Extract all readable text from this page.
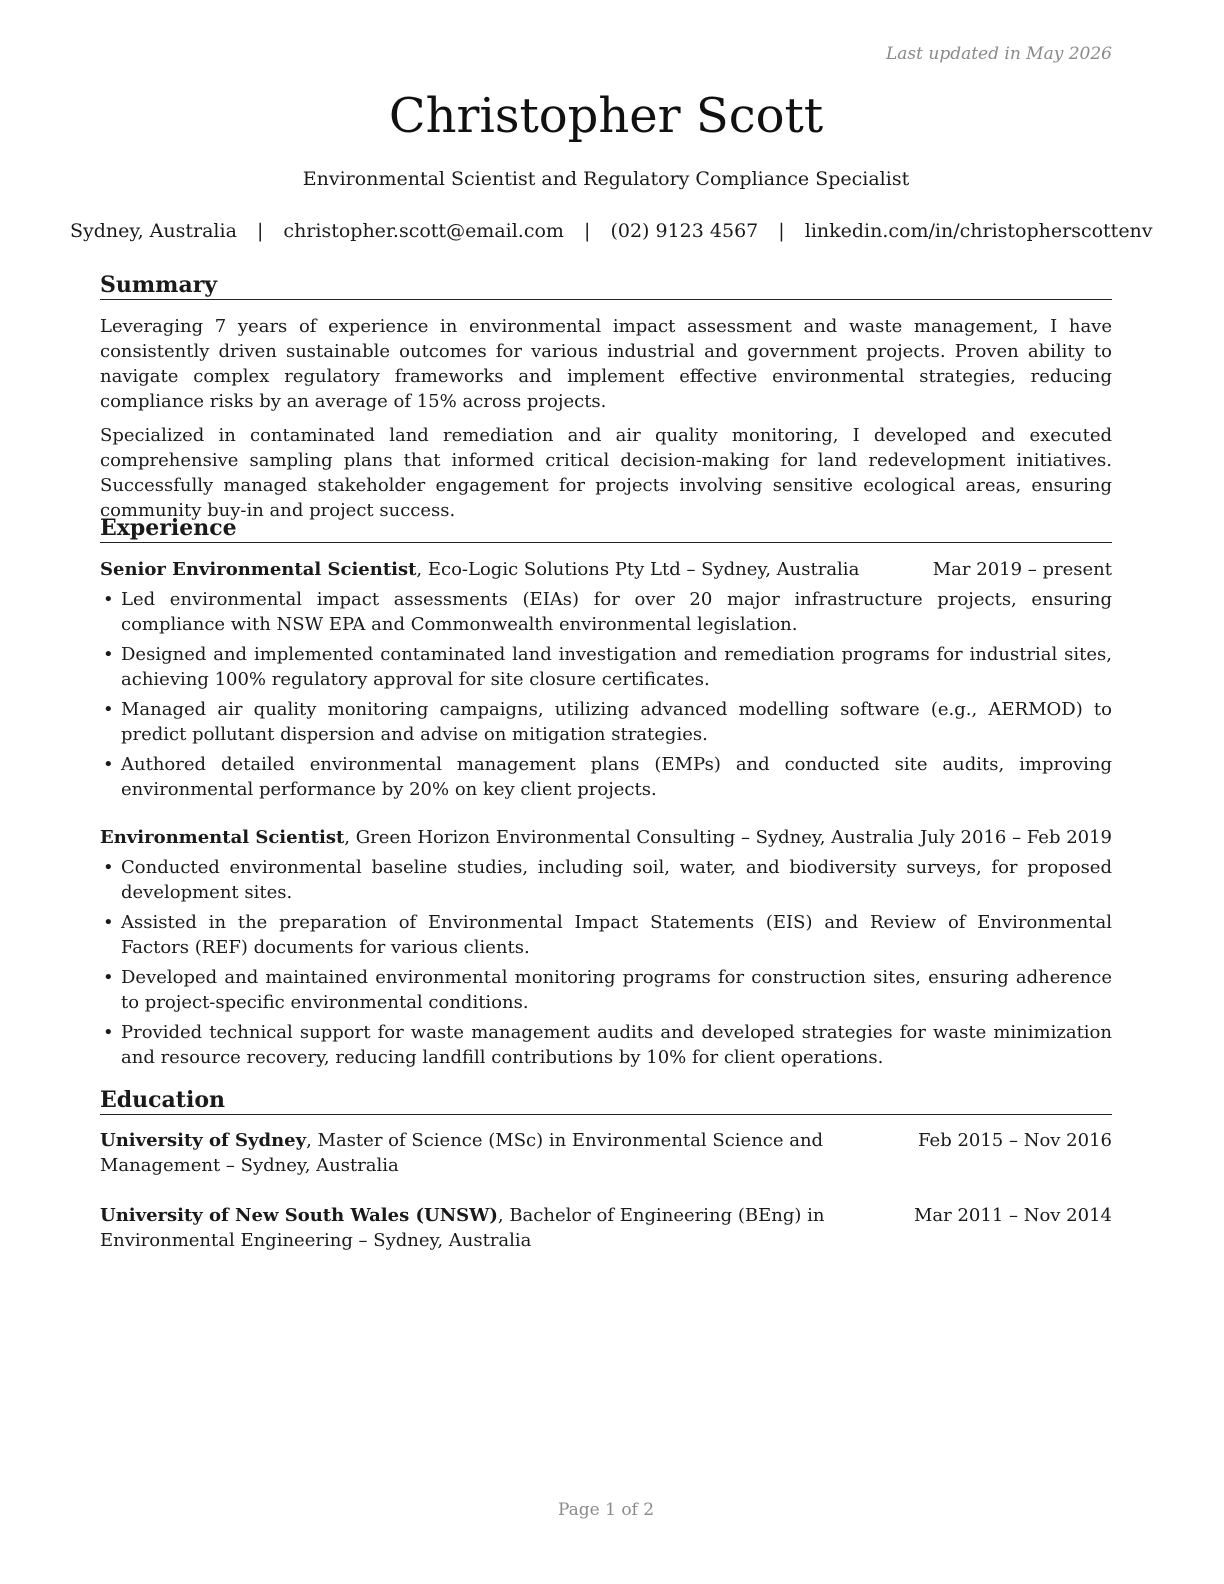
Last updated in May 2026
Christopher Scott
Environmental Scientist and Regulatory Compliance Specialist
Sydney, Australia | christopher.scott@email.com | (02) 9123 4567 | linkedin.com/in/christopherscottenv
Summary
Leveraging 7 years of experience in environmental impact assessment and waste management, I have consistently driven sustainable outcomes for various industrial and government projects. Proven ability to navigate complex regulatory frameworks and implement effective environmental strategies, reducing compliance risks by an average of 15% across projects.
Specialized in contaminated land remediation and air quality monitoring, I developed and executed comprehensive sampling plans that informed critical decision-making for land redevelopment initiatives. Successfully managed stakeholder engagement for projects involving sensitive ecological areas, ensuring community buy-in and project success.
Experience
Senior Environmental Scientist, Eco-Logic Solutions Pty Ltd – Sydney, Australia	Mar 2019 – present
• Led environmental impact assessments (EIAs) for over 20 major infrastructure projects, ensuring compliance with NSW EPA and Commonwealth environmental legislation.
• Designed and implemented contaminated land investigation and remediation programs for industrial sites, achieving 100% regulatory approval for site closure certificates.
• Managed air quality monitoring campaigns, utilizing advanced modelling software (e.g., AERMOD) to predict pollutant dispersion and advise on mitigation strategies.
• Authored detailed environmental management plans (EMPs) and conducted site audits, improving environmental performance by 20% on key client projects.
Environmental Scientist, Green Horizon Environmental Consulting – Sydney, Australia July 2016 – Feb 2019
• Conducted environmental baseline studies, including soil, water, and biodiversity surveys, for proposed development sites.
• Assisted in the preparation of Environmental Impact Statements (EIS) and Review of Environmental Factors (REF) documents for various clients.
• Developed and maintained environmental monitoring programs for construction sites, ensuring adherence to project-specific environmental conditions.
• Provided technical support for waste management audits and developed strategies for waste minimization and resource recovery, reducing landfill contributions by 10% for client operations.
Education
University of Sydney, Master of Science (MSc) in Environmental Science and Management – Sydney, Australia
Feb 2015 – Nov 2016
University of New South Wales (UNSW), Bachelor of Engineering (BEng) in Environmental Engineering – Sydney, Australia
Mar 2011 – Nov 2014
Page 1 of 2
